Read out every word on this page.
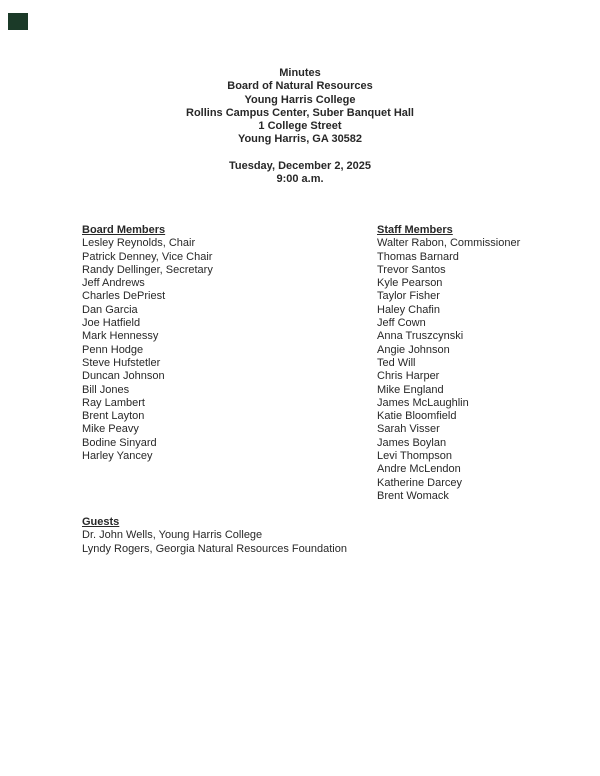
Minutes
Board of Natural Resources
Young Harris College
Rollins Campus Center, Suber Banquet Hall
1 College Street
Young Harris, GA 30582
Tuesday, December 2, 2025
9:00 a.m.
Board Members
Lesley Reynolds, Chair
Patrick Denney, Vice Chair
Randy Dellinger, Secretary
Jeff Andrews
Charles DePriest
Dan Garcia
Joe Hatfield
Mark Hennessy
Penn Hodge
Steve Hufstetler
Duncan Johnson
Bill Jones
Ray Lambert
Brent Layton
Mike Peavy
Bodine Sinyard
Harley Yancey
Staff Members
Walter Rabon, Commissioner
Thomas Barnard
Trevor Santos
Kyle Pearson
Taylor Fisher
Haley Chafin
Jeff Cown
Anna Truszcynski
Angie Johnson
Ted Will
Chris Harper
Mike England
James McLaughlin
Katie Bloomfield
Sarah Visser
James Boylan
Levi Thompson
Andre McLendon
Katherine Darcey
Brent Womack
Guests
Dr. John Wells, Young Harris College
Lyndy Rogers, Georgia Natural Resources Foundation
